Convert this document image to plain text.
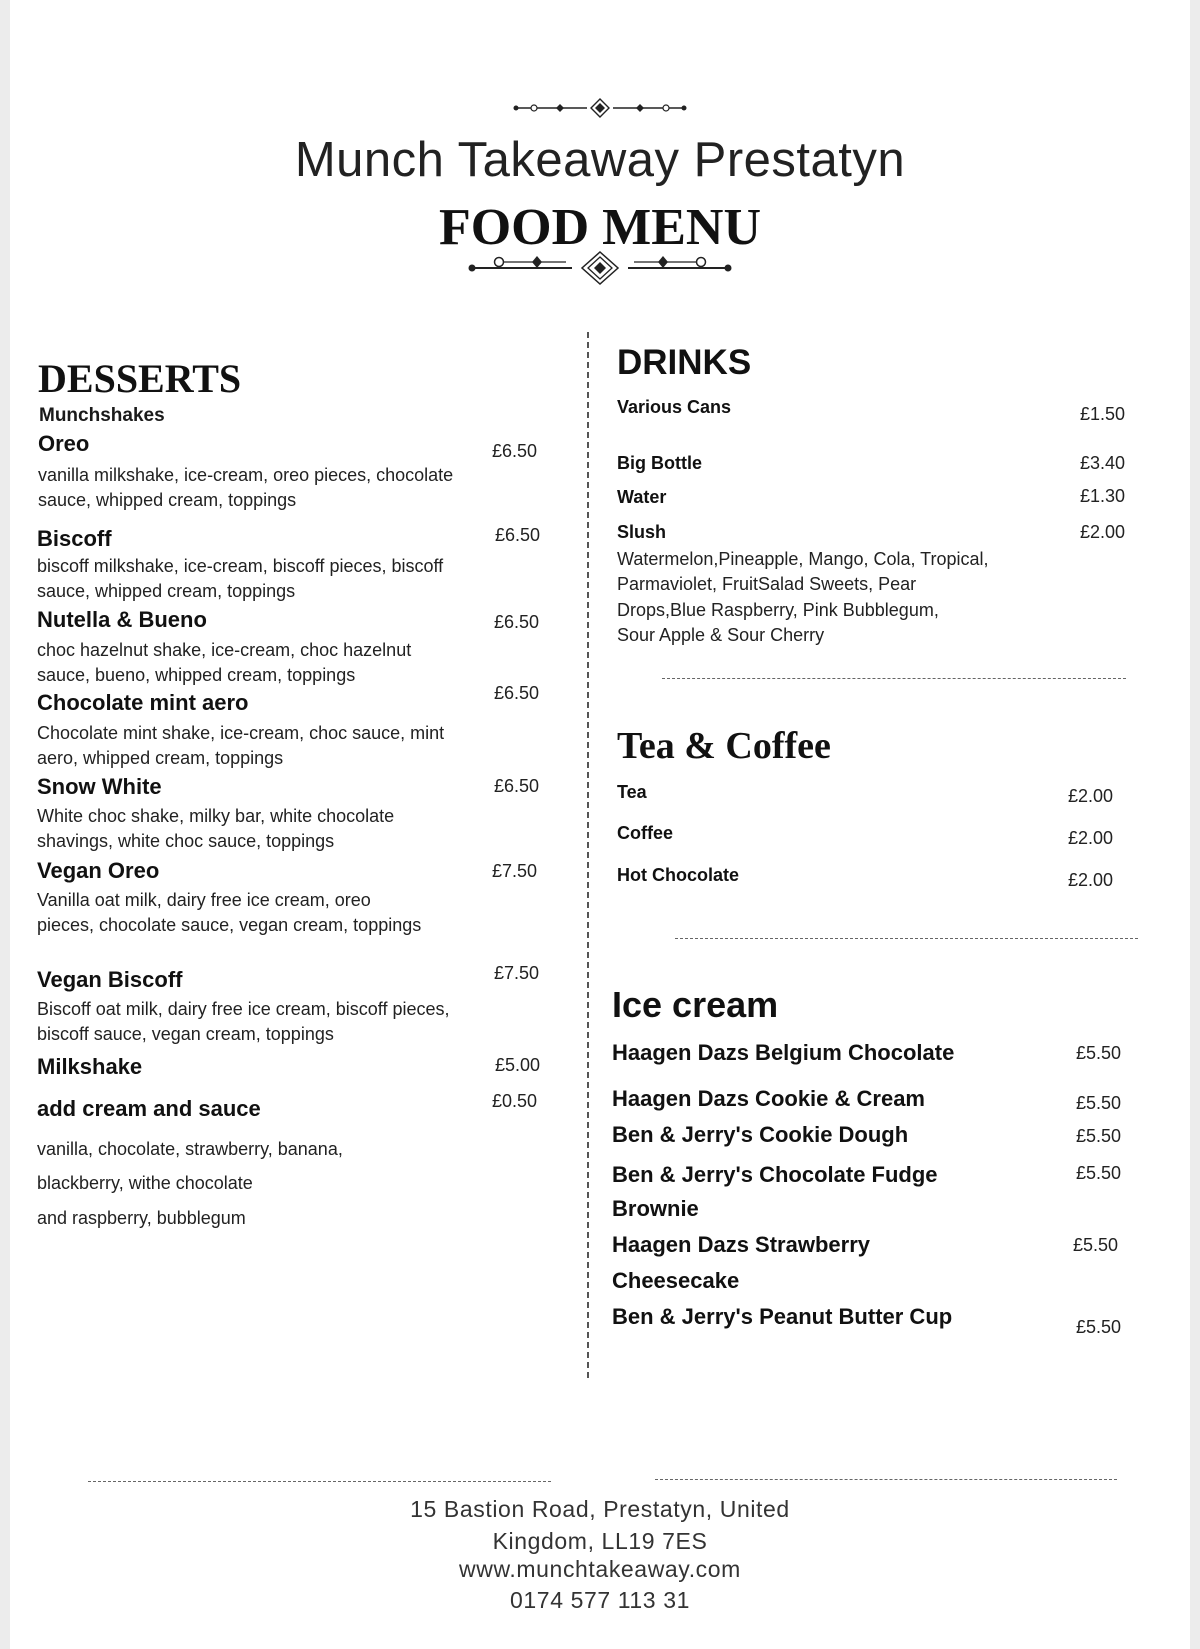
Munch Takeaway Prestatyn
FOOD MENU
DESSERTS
Munchshakes
Oreo	£6.50
vanilla milkshake, ice-cream, oreo pieces, chocolate sauce, whipped cream, toppings
Biscoff	£6.50
biscoff milkshake, ice-cream, biscoff pieces, biscoff sauce, whipped cream, toppings
Nutella & Bueno	£6.50
choc hazelnut shake, ice-cream, choc hazelnut sauce, bueno, whipped cream, toppings
Chocolate mint aero	£6.50
Chocolate mint shake, ice-cream, choc sauce, mint aero, whipped cream, toppings
Snow White	£6.50
White choc shake, milky bar, white chocolate shavings, white choc sauce, toppings
Vegan Oreo	£7.50
Vanilla oat milk, dairy free ice cream, oreo pieces, chocolate sauce, vegan cream, toppings
Vegan Biscoff	£7.50
Biscoff oat milk, dairy free ice cream, biscoff pieces, biscoff sauce, vegan cream, toppings
Milkshake	£5.00
add cream and sauce	£0.50
vanilla, chocolate, strawberry, banana,
blackberry, withe chocolate
and raspberry, bubblegum
DRINKS
Various Cans	£1.50
Big Bottle	£3.40
Water	£1.30
Slush	£2.00
Watermelon,Pineapple, Mango, Cola, Tropical,
Parmaviolet, FruitSalad Sweets, Pear
Drops,Blue Raspberry, Pink Bubblegum,
Sour Apple & Sour Cherry
Tea & Coffee
Tea	£2.00
Coffee	£2.00
Hot Chocolate	£2.00
Ice cream
Haagen Dazs Belgium Chocolate	£5.50
Haagen Dazs Cookie & Cream	£5.50
Ben & Jerry's Cookie Dough	£5.50
Ben & Jerry's Chocolate Fudge
Brownie
£5.50
Haagen Dazs Strawberry
Cheesecake
£5.50
Ben & Jerry's Peanut Butter Cup	£5.50
15 Bastion Road, Prestatyn, United
Kingdom, LL19 7ES
www.munchtakeaway.com
0174 577 113 31
